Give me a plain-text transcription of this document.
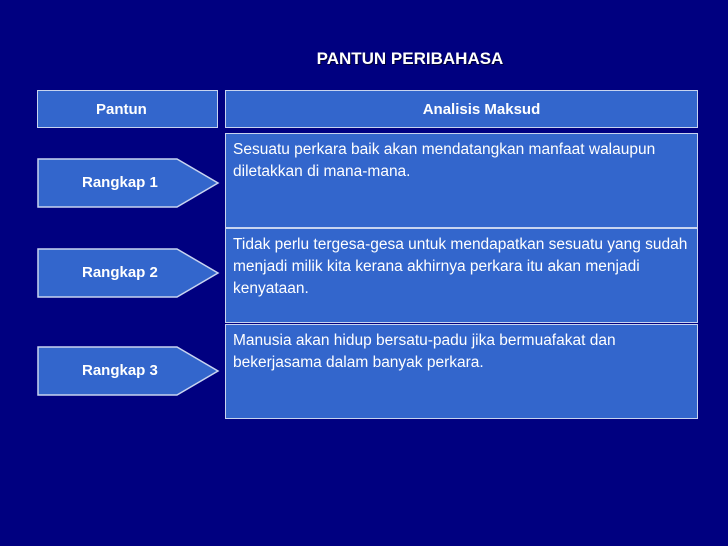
PANTUN PERIBAHASA
Pantun	Analisis Maksud
Rangkap 1
Sesuatu perkara baik akan mendatangkan manfaat walaupun diletakkan di mana-mana.
Rangkap 2
Tidak perlu tergesa-gesa untuk mendapatkan sesuatu yang sudah menjadi milik kita kerana akhirnya perkara itu akan menjadi kenyataan.
Rangkap 3
Manusia akan hidup bersatu-padu jika bermuafakat dan bekerjasama dalam banyak perkara.
